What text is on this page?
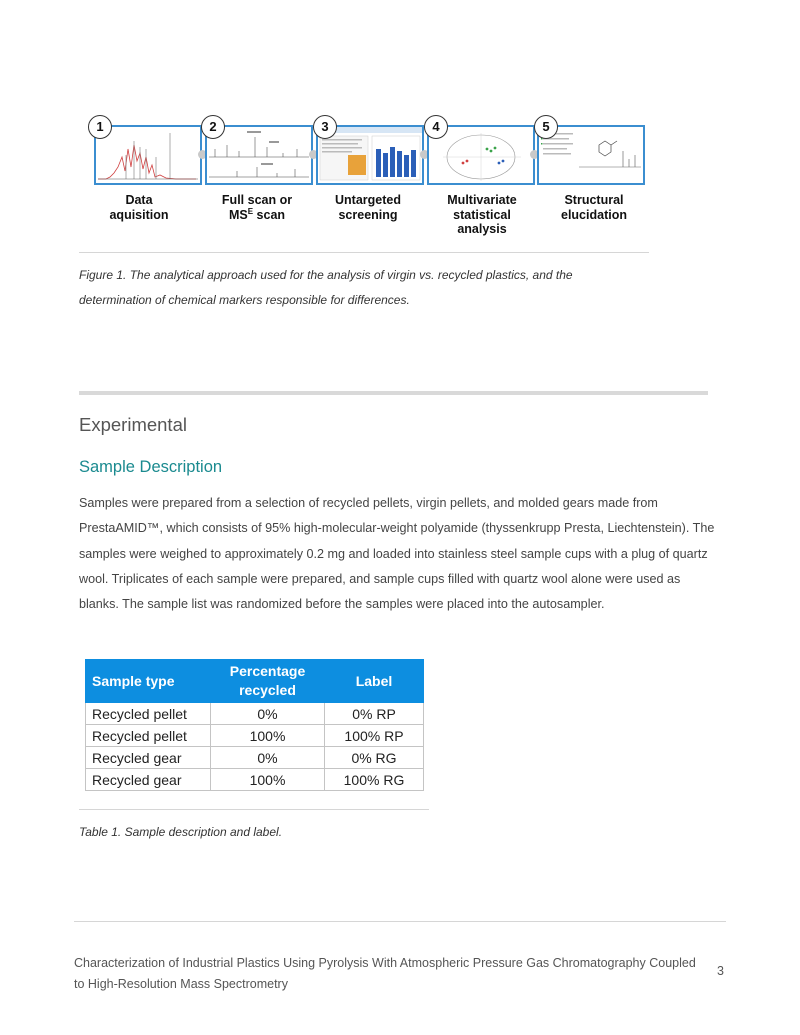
1
Data
aquisition
2
Full scan or
$MS^E$ scan
3
Untargeted
screening
4
Multivariate
statistical
analysis
5
Structural
elucidation
Figure 1. The analytical approach used for the analysis of virgin vs. recycled plastics, and the
determination of chemical markers responsible for differences.
Experimental
Sample Description
Samples were prepared from a selection of recycled pellets, virgin pellets, and molded gears made from
PrestaAMID™, which consists of 95% high-molecular-weight polyamide (thyssenkrupp Presta, Liechtenstein). The
samples were weighed to approximately 0.2 mg and loaded into stainless steel sample cups with a plug of quartz
wool. Triplicates of each sample were prepared, and sample cups filled with quartz wool alone were used as
blanks. The sample list was randomized before the samples were placed into the autosampler.
Sample type	Percentage recycled	Label
Recycled pellet	0%	0% RP
Recycled pellet	100%	100% RP
Recycled gear	0%	0% RG
Recycled gear	100%	100% RG
Table 1. Sample description and label.
Characterization of Industrial Plastics Using Pyrolysis With Atmospheric Pressure Gas Chromatography Coupled
to High-Resolution Mass Spectrometry
3
